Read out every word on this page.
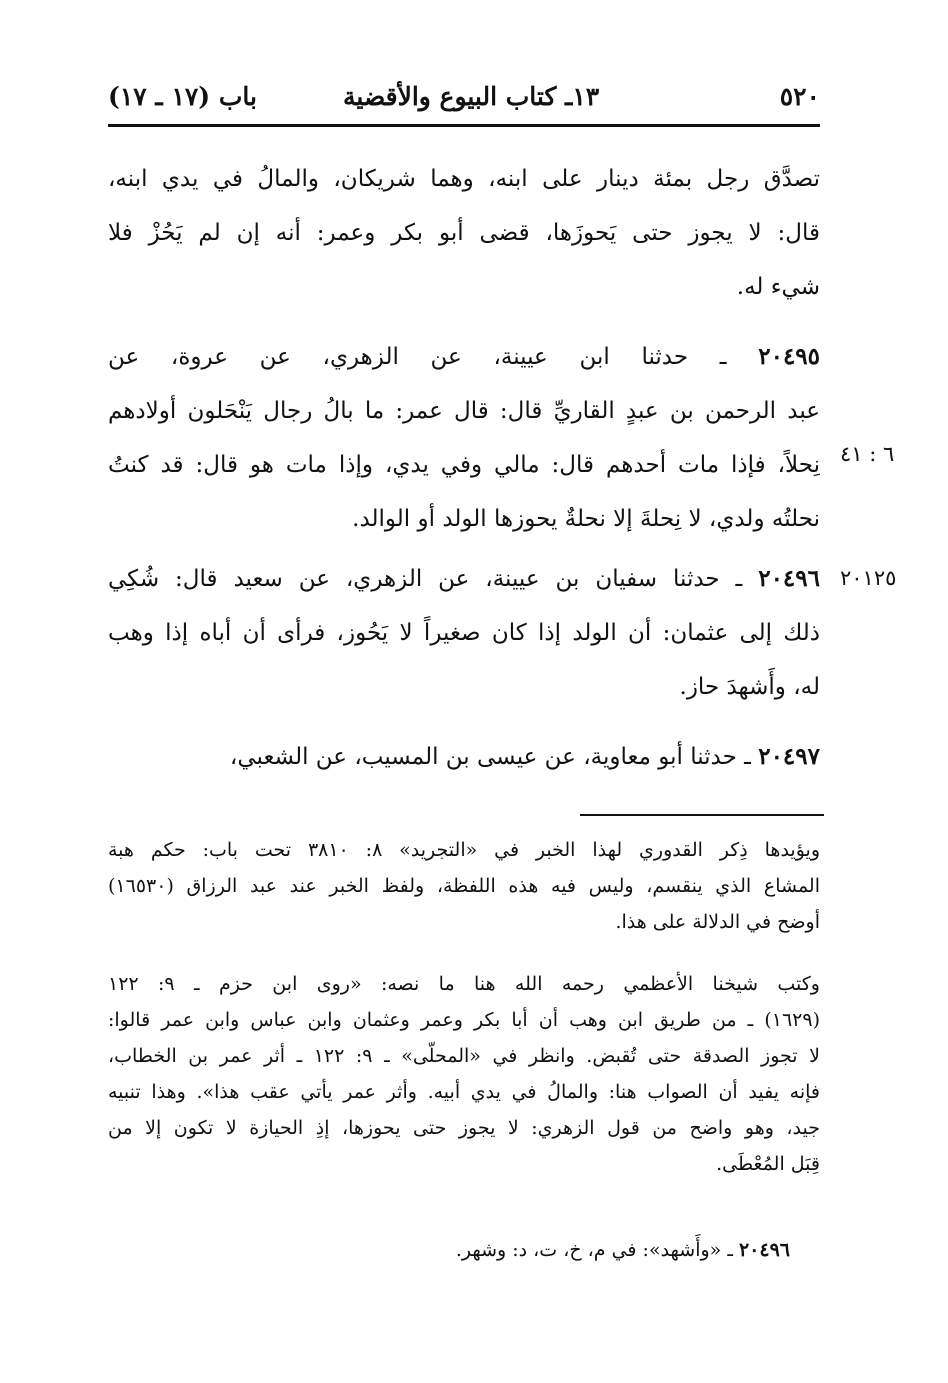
٥٢٠
١٣ـ كتاب البيوع والأقضية
باب (١٧ ـ ١٧)
تصدَّق رجل بمئة دينار على ابنه، وهما شريكان، والمالُ في يدي ابنه،
قال: لا يجوز حتى يَحوزَها، قضى أبو بكر وعمر: أنه إن لم يَحُزْ فلا
شيء له.
٢٠٤٩٥ ـ حدثنا ابن عيينة، عن الزهري، عن عروة، عن
عبد الرحمن بن عبدٍ القاريِّ قال: قال عمر: ما بالُ رجال يَنْحَلون أولادهم
نِحلاً، فإذا مات أحدهم قال: مالي وفي يدي، وإذا مات هو قال: قد كنتُ
نحلتُه ولدي، لا نِحلةَ إلا نحلةٌ يحوزها الولد أو الوالد.
٦ : ٤١
٢٠٤٩٦ ـ حدثنا سفيان بن عيينة، عن الزهري، عن سعيد قال: شُكِي
ذلك إلى عثمان: أن الولد إذا كان صغيراً لا يَحُوز، فرأى أن أباه إذا وهب
له، وأَشهدَ حاز.
٢٠١٢٥
٢٠٤٩٧ ـ حدثنا أبو معاوية، عن عيسى بن المسيب، عن الشعبي،
ويؤيدها ذِكر القدوري لهذا الخبر في «التجريد» ٨: ٣٨١٠ تحت باب: حكم هبة
المشاع الذي ينقسم، وليس فيه هذه اللفظة، ولفظ الخبر عند عبد الرزاق (١٦٥٣٠)
أوضح في الدلالة على هذا.
وكتب شيخنا الأعظمي رحمه الله هنا ما نصه: «روى ابن حزم ـ ٩: ١٢٢
(١٦٢٩) ـ من طريق ابن وهب أن أبا بكر وعمر وعثمان وابن عباس وابن عمر قالوا:
لا تجوز الصدقة حتى تُقبض. وانظر في «المحلّى» ـ ٩: ١٢٢ ـ أثر عمر بن الخطاب،
فإنه يفيد أن الصواب هنا: والمالُ في يدي أبيه. وأثر عمر يأتي عقب هذا». وهذا تنبيه
جيد، وهو واضح من قول الزهري: لا يجوز حتى يحوزها، إذِ الحيازة لا تكون إلا من
قِبَل المُعْطَى.
٢٠٤٩٦ ـ «وأَشهد»: في م، خ، ت، د: وشهر.
